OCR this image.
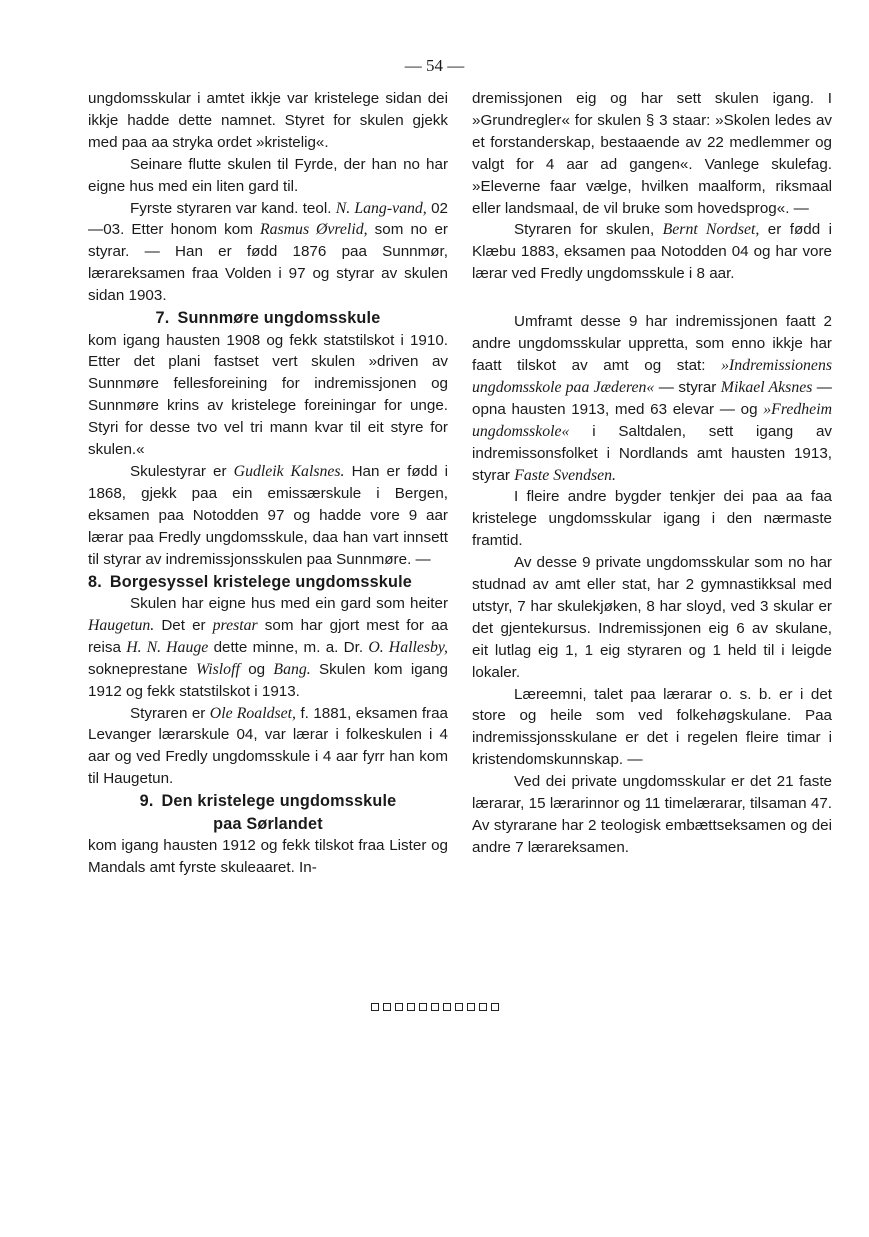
— 54 —

ungdomsskular i amtet ikkje var kristelege sidan dei ikkje hadde dette namnet. Styret for skulen gjekk med paa aa stryka ordet »kristelig«.

Seinare flutte skulen til Fyrde, der han no har eigne hus med ein liten gard til.

Fyrste styraren var kand. teol. N. Lang-vand, 02—03. Etter honom kom Rasmus Øvrelid, som no er styrar. — Han er fødd 1876 paa Sunnmør, lærareksamen fraa Volden i 97 og styrar av skulen sidan 1903.

7. Sunnmøre ungdomsskule

kom igang hausten 1908 og fekk statstilskot i 1910. Etter det plani fastset vert skulen »driven av Sunnmøre fellesforeining for indremissjonen og Sunnmøre krins av kristelege foreiningar for unge. Styri for desse tvo vel tri mann kvar til eit styre for skulen.«

Skulestyrar er Gudleik Kalsnes. Han er fødd i 1868, gjekk paa ein emissærskule i Bergen, eksamen paa Notodden 97 og hadde vore 9 aar lærar paa Fredly ungdomsskule, daa han vart innsett til styrar av indremissjonsskulen paa Sunnmøre. —

8. Borgesyssel kristelege ungdomsskule

Skulen har eigne hus med ein gard som heiter Haugetun. Det er prestar som har gjort mest for aa reisa H. N. Hauge dette minne, m. a. Dr. O. Hallesby, sokneprestane Wisloff og Bang. Skulen kom igang 1912 og fekk statstilskot i 1913.

Styraren er Ole Roaldset, f. 1881, eksamen fraa Levanger lærarskule 04, var lærar i folkeskulen i 4 aar og ved Fredly ungdomsskule i 4 aar fyrr han kom til Haugetun.

9. Den kristelege ungdomsskule
paa Sørlandet

kom igang hausten 1912 og fekk tilskot fraa Lister og Mandals amt fyrste skuleaaret. In-

dremissjonen eig og har sett skulen igang. I »Grundregler« for skulen § 3 staar: »Skolen ledes av et forstanderskap, bestaaende av 22 medlemmer og valgt for 4 aar ad gangen«. Vanlege skulefag. »Eleverne faar vælge, hvilken maalform, riksmaal eller landsmaal, de vil bruke som hovedsprog«. —

Styraren for skulen, Bernt Nordset, er fødd i Klæbu 1883, eksamen paa Notodden 04 og har vore lærar ved Fredly ungdomsskule i 8 aar.

Umframt desse 9 har indremissjonen faatt 2 andre ungdomsskular uppretta, som enno ikkje har faatt tilskot av amt og stat: »Indremissionens ungdomsskole paa Jæderen« — styrar Mikael Aksnes — opna hausten 1913, med 63 elevar — og »Fredheim ungdomsskole« i Saltdalen, sett igang av indremissonsfolket i Nordlands amt hausten 1913, styrar Faste Svendsen.

I fleire andre bygder tenkjer dei paa aa faa kristelege ungdomsskular igang i den nærmaste framtid.

Av desse 9 private ungdomsskular som no har studnad av amt eller stat, har 2 gymnastikksal med utstyr, 7 har skulekjøken, 8 har sloyd, ved 3 skular er det gjentekursus. Indremissjonen eig 6 av skulane, eit lutlag eig 1, 1 eig styraren og 1 held til i leigde lokaler.

Læreemni, talet paa lærarar o. s. b. er i det store og heile som ved folkehøgskulane. Paa indremissjonsskulane er det i regelen fleire timar i kristendomskunnskap. —

Ved dei private ungdomsskular er det 21 faste lærarar, 15 lærarinnor og 11 timelærarar, tilsaman 47. Av styrarane har 2 teologisk embættseksamen og dei andre 7 lærareksamen.
